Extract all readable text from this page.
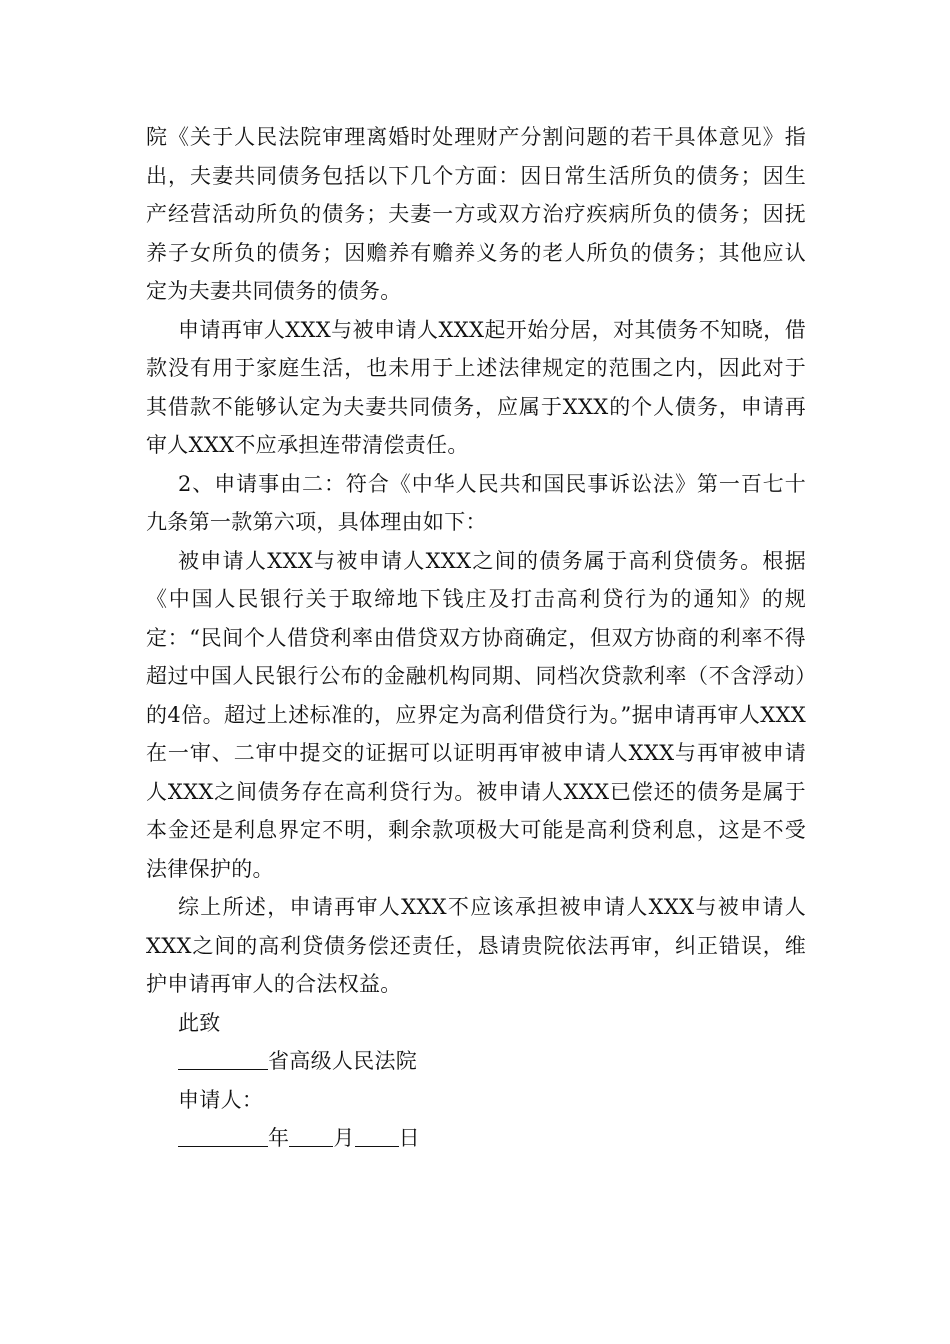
院《关于人民法院审理离婚时处理财产分割问题的若干具体意见》指出，夫妻共同债务包括以下几个方面：因日常生活所负的债务；因生产经营活动所负的债务；夫妻一方或双方治疗疾病所负的债务；因抚养子女所负的债务；因赡养有赡养义务的老人所负的债务；其他应认定为夫妻共同债务的债务。

申请再审人XXX与被申请人XXX起开始分居，对其债务不知晓，借款没有用于家庭生活，也未用于上述法律规定的范围之内，因此对于其借款不能够认定为夫妻共同债务，应属于XXX的个人债务，申请再审人XXX不应承担连带清偿责任。

2、申请事由二：符合《中华人民共和国民事诉讼法》第一百七十九条第一款第六项，具体理由如下：

被申请人XXX与被申请人XXX之间的债务属于高利贷债务。根据《中国人民银行关于取缔地下钱庄及打击高利贷行为的通知》的规定：“民间个人借贷利率由借贷双方协商确定，但双方协商的利率不得超过中国人民银行公布的金融机构同期、同档次贷款利率（不含浮动）的4倍。超过上述标准的，应界定为高利借贷行为。”据申请再审人XXX在一审、二审中提交的证据可以证明再审被申请人XXX与再审被申请人XXX之间债务存在高利贷行为。被申请人XXX已偿还的债务是属于本金还是利息界定不明，剩余款项极大可能是高利贷利息，这是不受法律保护的。

综上所述，申请再审人XXX不应该承担被申请人XXX与被申请人XXX之间的高利贷债务偿还责任，恳请贵院依法再审，纠正错误，维护申请再审人的合法权益。

此致

省高级人民法院

申请人：

年 月 日
